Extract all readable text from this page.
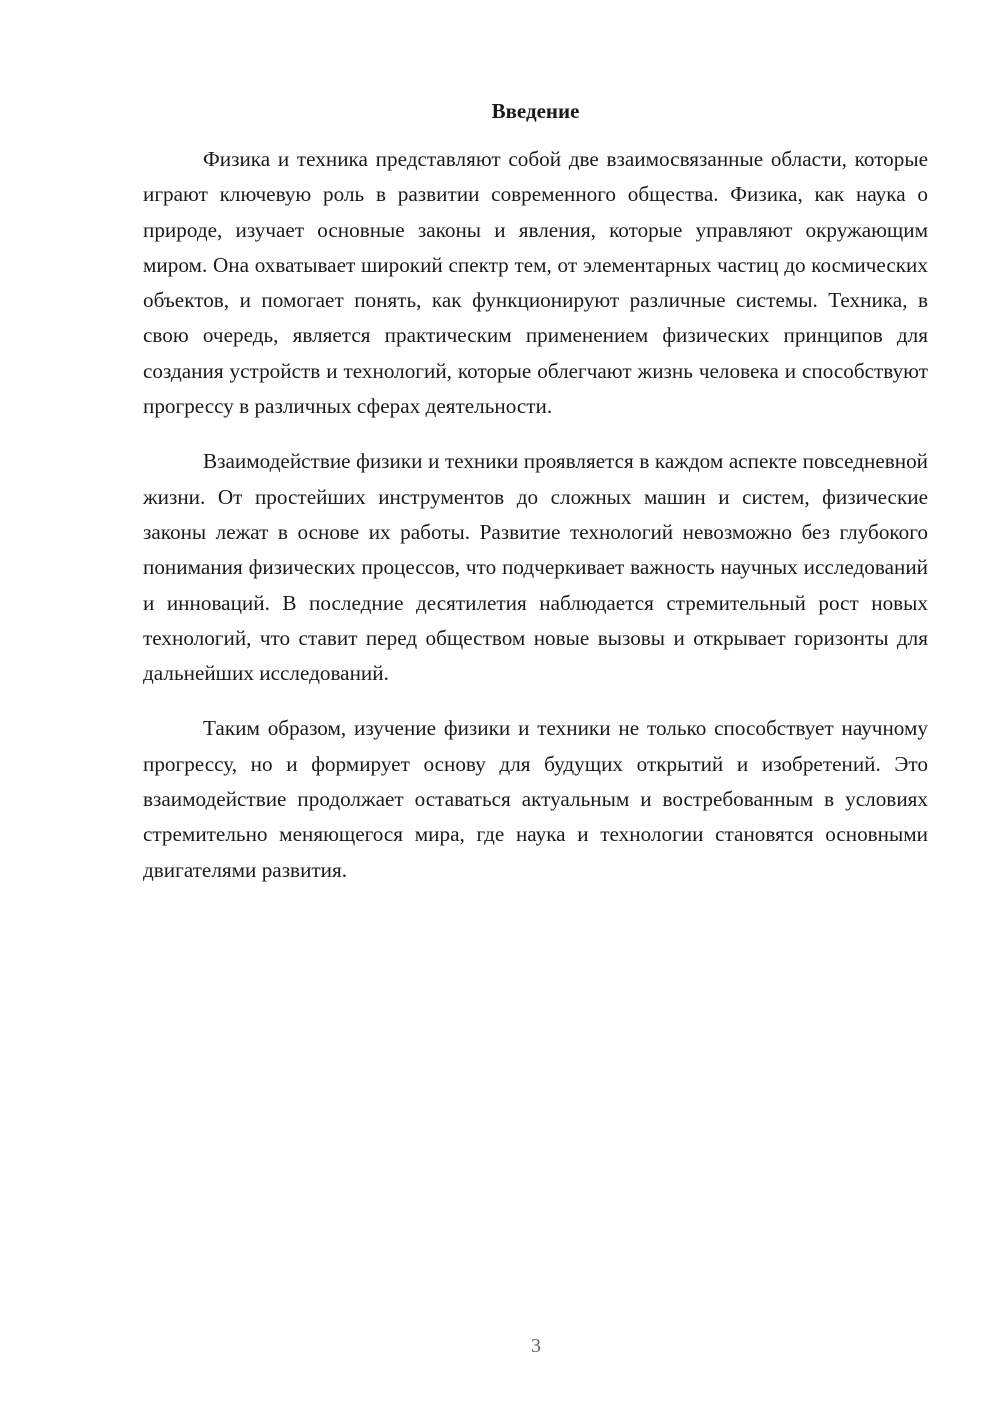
Введение

Физика и техника представляют собой две взаимосвязанные области, которые играют ключевую роль в развитии современного общества. Физика, как наука о природе, изучает основные законы и явления, которые управляют окружающим миром. Она охватывает широкий спектр тем, от элементарных частиц до космических объектов, и помогает понять, как функционируют различные системы. Техника, в свою очередь, является практическим применением физических принципов для создания устройств и технологий, которые облегчают жизнь человека и способствуют прогрессу в различных сферах деятельности.

Взаимодействие физики и техники проявляется в каждом аспекте повседневной жизни. От простейших инструментов до сложных машин и систем, физические законы лежат в основе их работы. Развитие технологий невозможно без глубокого понимания физических процессов, что подчеркивает важность научных исследований и инноваций. В последние десятилетия наблюдается стремительный рост новых технологий, что ставит перед обществом новые вызовы и открывает горизонты для дальнейших исследований.

Таким образом, изучение физики и техники не только способствует научному прогрессу, но и формирует основу для будущих открытий и изобретений. Это взаимодействие продолжает оставаться актуальным и востребованным в условиях стремительно меняющегося мира, где наука и технологии становятся основными двигателями развития.

3
